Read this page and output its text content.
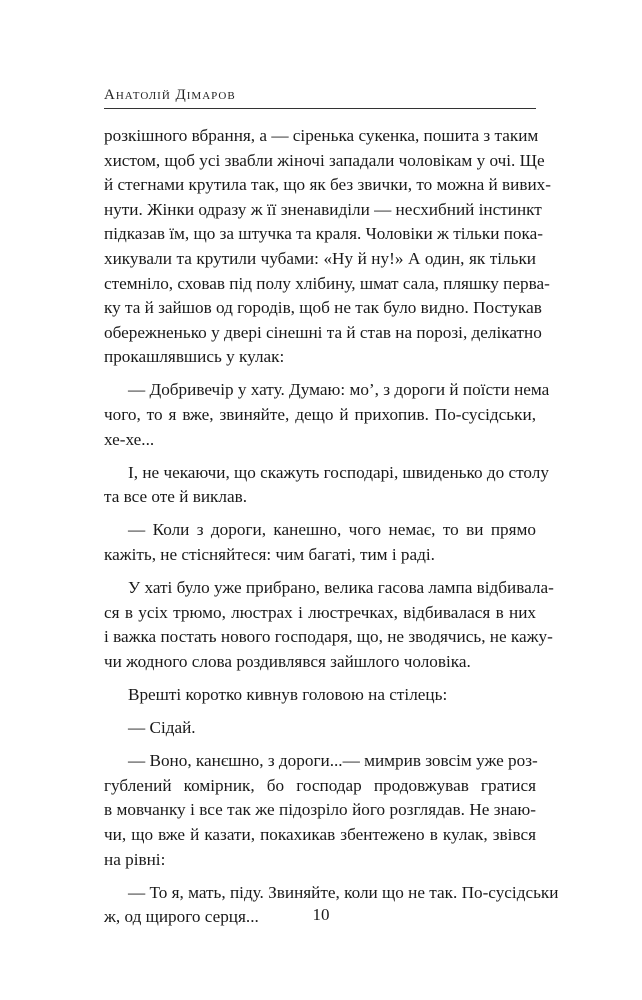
Анатолій Дімаров
розкішного вбрання, а — сіренька сукенка, пошита з таким
хистом, щоб усі звабли жіночі западали чоловікам у очі. Ще
й стегнами крутила так, що як без звички, то можна й вивих-
нути. Жінки одразу ж її зненавиділи — несхибний інстинкт
підказав їм, що за штучка та краля. Чоловіки ж тільки пока-
хикували та крутили чубами: «Ну й ну!» А один, як тільки
стемніло, сховав під полу хлібину, шмат сала, пляшку перва-
ку та й зайшов од городів, щоб не так було видно. Постукав
обережненько у двері сінешні та й став на порозі, делікатно
прокашлявшись у кулак:
— Добривечір у хату. Думаю: мо’, з дороги й поїсти нема
чого, то я вже, звиняйте, дещо й прихопив. По-сусідськи,
хе-хе...
І, не чекаючи, що скажуть господарі, швиденько до столу
та все оте й виклав.
— Коли з дороги, канешно, чого немає, то ви прямо
кажіть, не стісняйтеся: чим багаті, тим і раді.
У хаті було уже прибрано, велика гасова лампа відбивала-
ся в усіх трюмо, люстрах і люстречках, відбивалася в них
і важка постать нового господаря, що, не зводячись, не кажу-
чи жодного слова роздивлявся зайшлого чоловіка.
Врешті коротко кивнув головою на стілець:
— Сідай.
— Воно, канєшно, з дороги...— мимрив зовсім уже роз-
гублений комірник, бо господар продовжував гратися
в мовчанку і все так же підозріло його розглядав. Не знаю-
чи, що вже й казати, покахикав збентежено в кулак, звівся
на рівні:
— То я, мать, піду. Звиняйте, коли що не так. По-сусідськи
ж, од щирого серця...	10
